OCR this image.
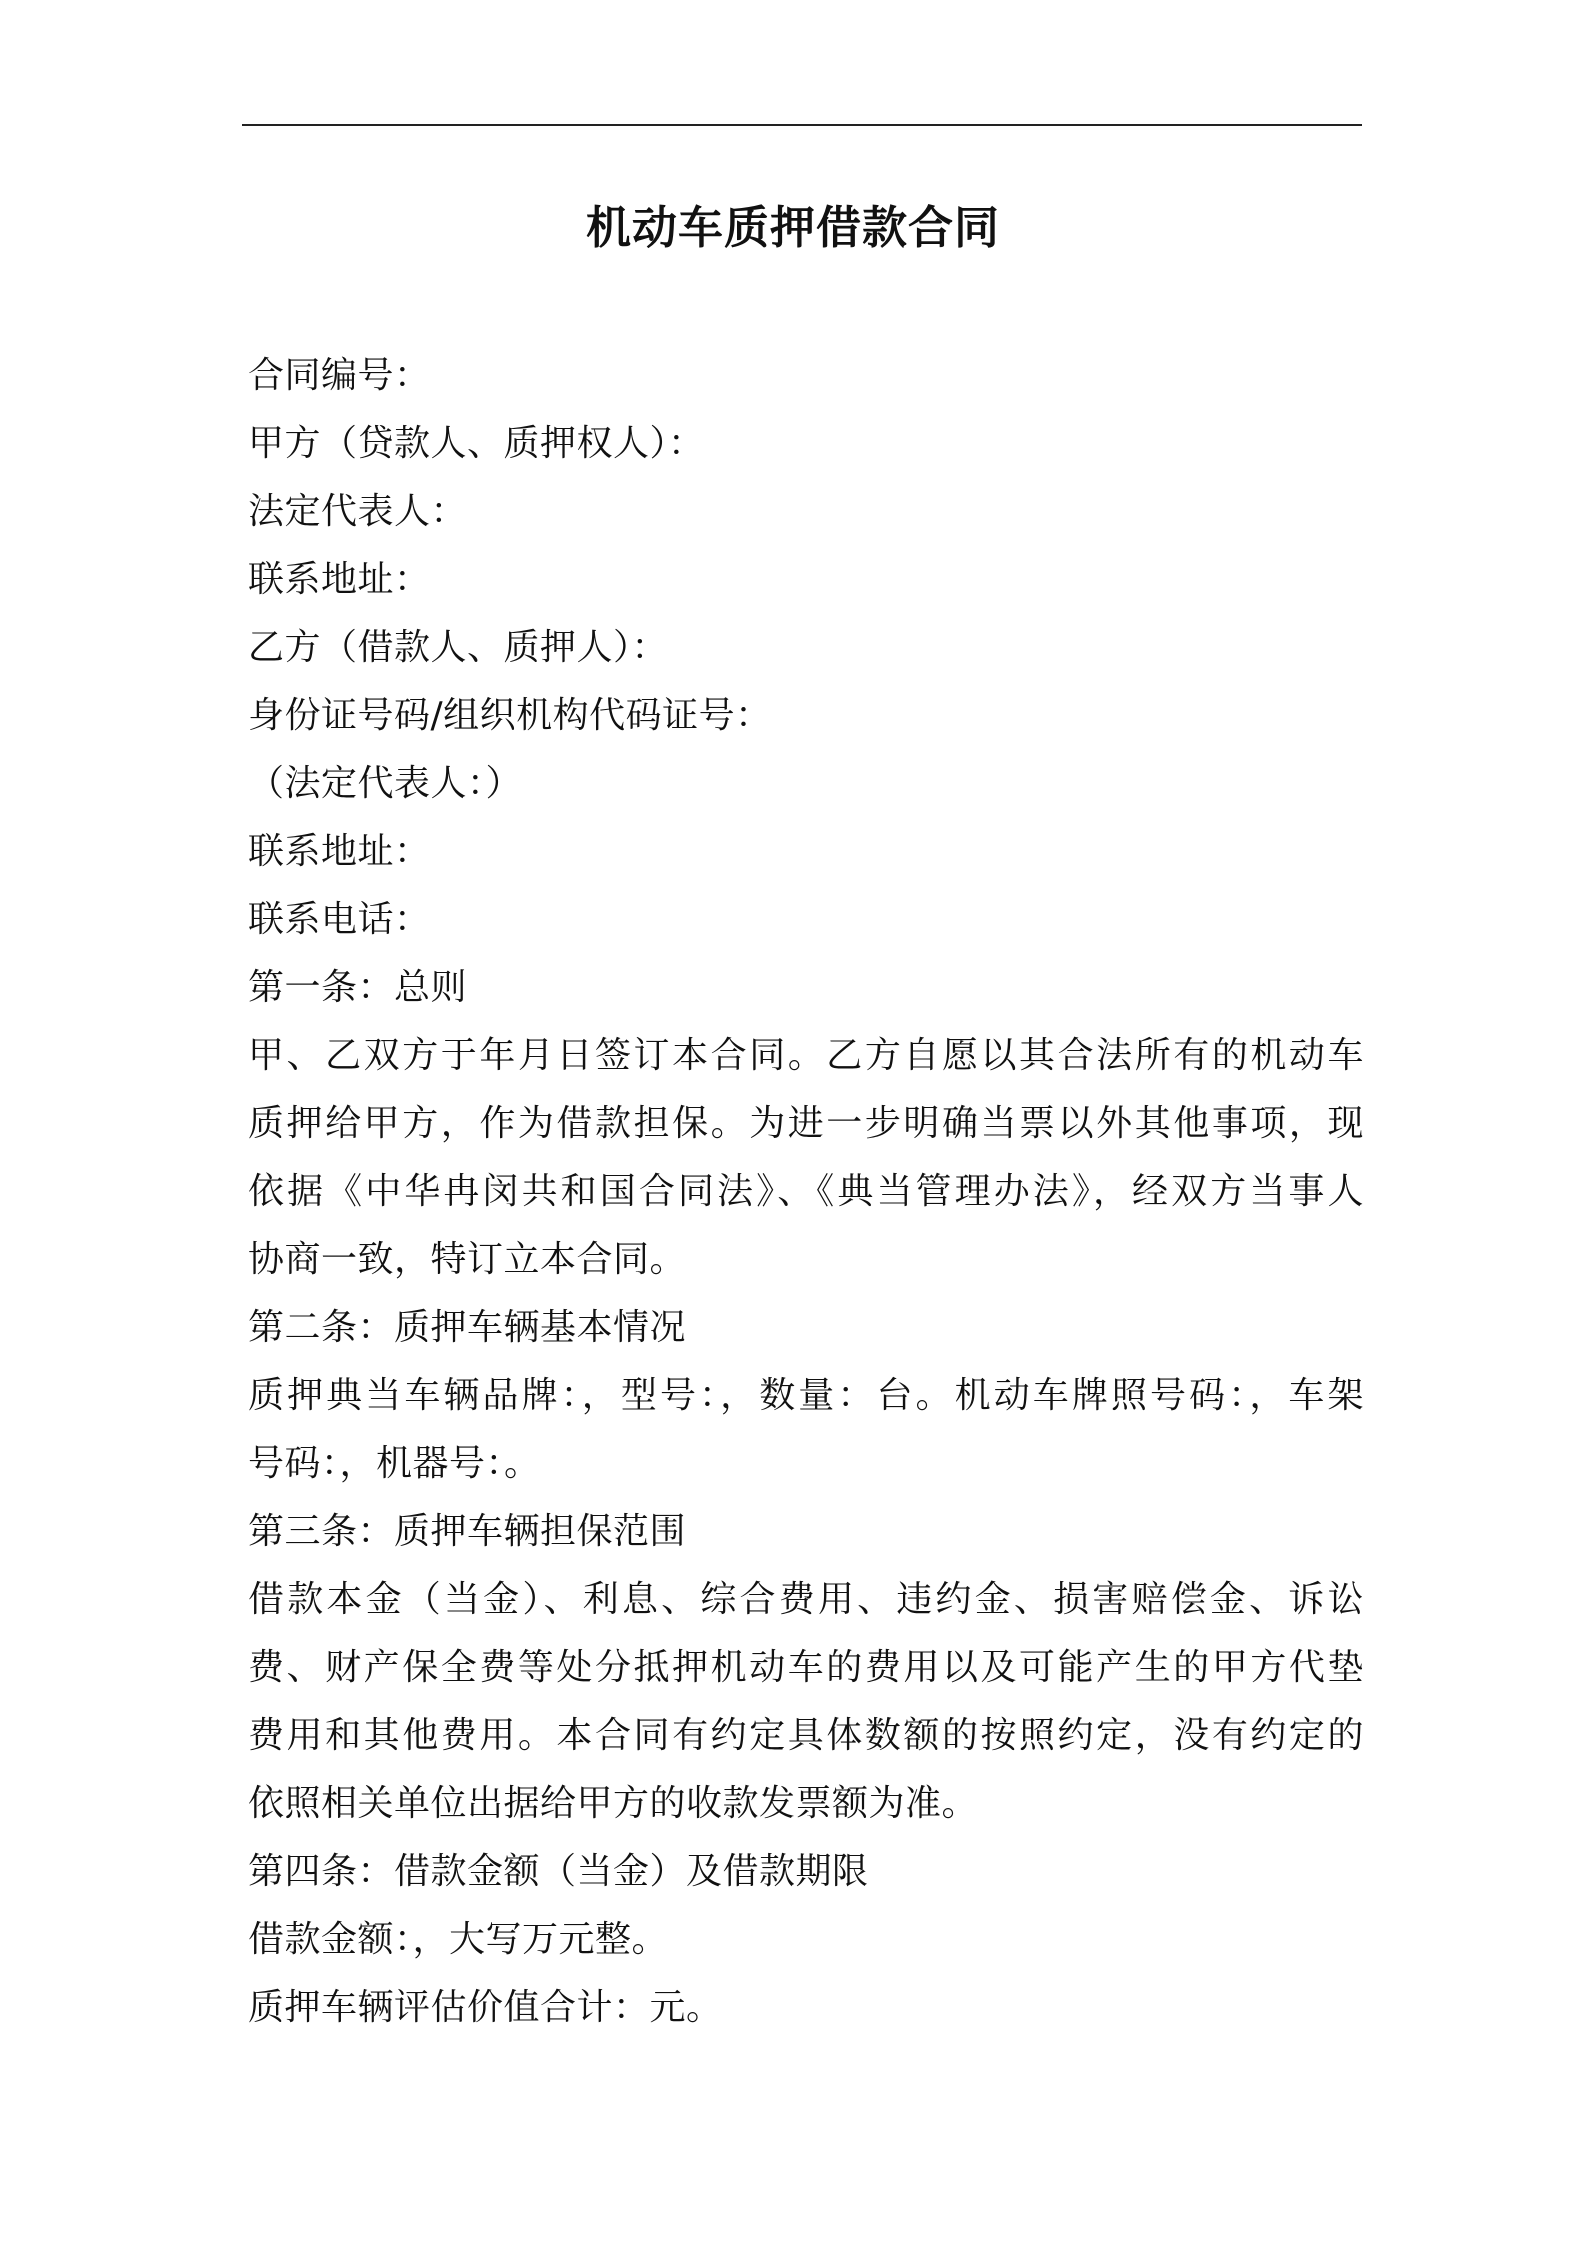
机动车质押借款合同
合同编号：
甲方（贷款人、质押权人）：
法定代表人：
联系地址：
乙方（借款人、质押人）：
身份证号码/组织机构代码证号：
（法定代表人：）
联系地址：
联系电话：
第一条：总则
甲、乙双方于年月日签订本合同。乙方自愿以其合法所有的机动车
质押给甲方，作为借款担保。为进一步明确当票以外其他事项，现
依据《中华冉闵共和国合同法》、《典当管理办法》，经双方当事人
协商一致，特订立本合同。
第二条：质押车辆基本情况
质押典当车辆品牌：，型号：，数量：台。机动车牌照号码：，车架
号码：，机器号：。
第三条：质押车辆担保范围
借款本金（当金）、利息、综合费用、违约金、损害赔偿金、诉讼
费、财产保全费等处分抵押机动车的费用以及可能产生的甲方代垫
费用和其他费用。本合同有约定具体数额的按照约定，没有约定的
依照相关单位出据给甲方的收款发票额为准。
第四条：借款金额（当金）及借款期限
借款金额：，大写万元整。
质押车辆评估价值合计：元。
